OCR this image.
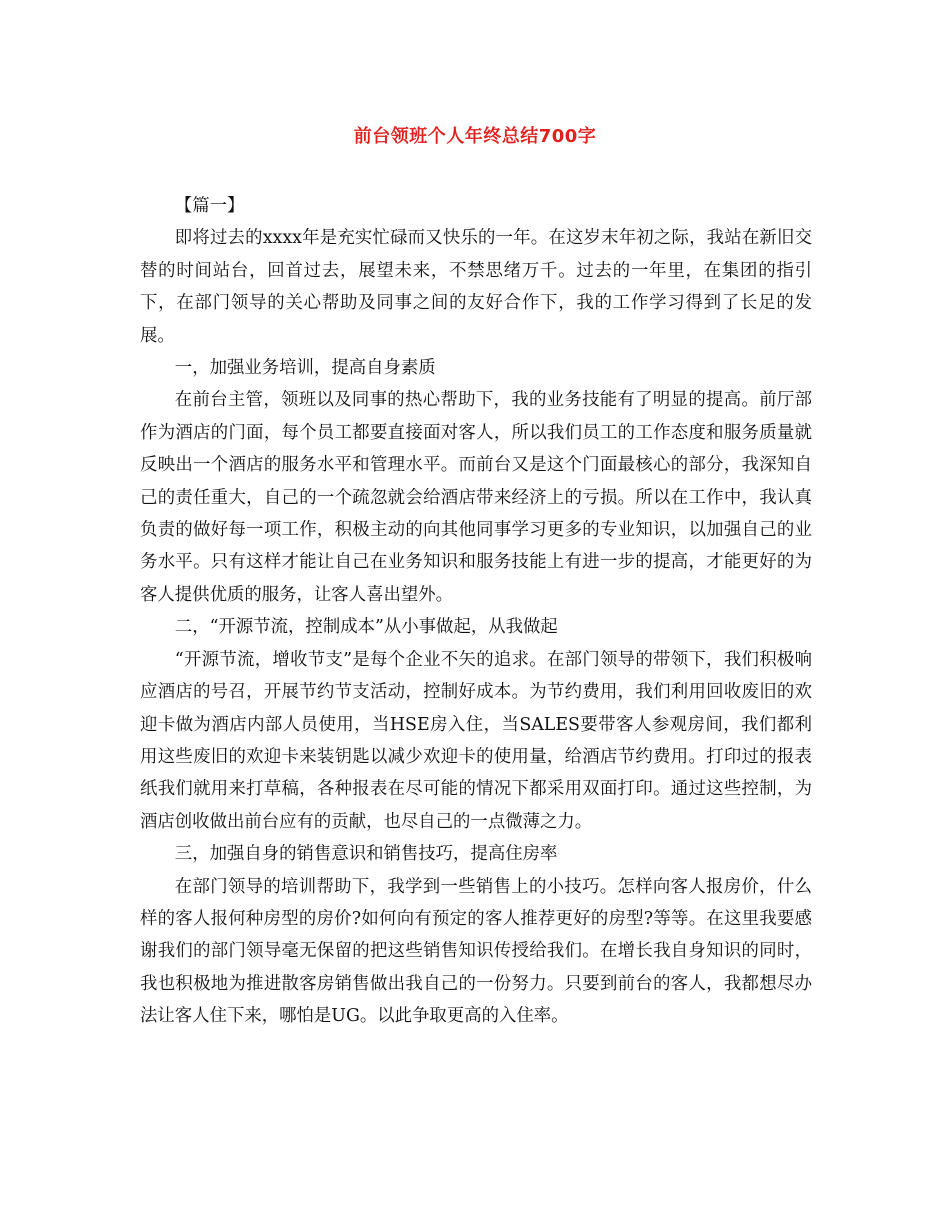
前台领班个人年终总结700字

【篇一】

即将过去的xxxx年是充实忙碌而又快乐的一年。在这岁末年初之际，我站在新旧交替的时间站台，回首过去，展望未来，不禁思绪万千。过去的一年里，在集团的指引下，在部门领导的关心帮助及同事之间的友好合作下，我的工作学习得到了长足的发展。

一，加强业务培训，提高自身素质

在前台主管，领班以及同事的热心帮助下，我的业务技能有了明显的提高。前厅部作为酒店的门面，每个员工都要直接面对客人，所以我们员工的工作态度和服务质量就反映出一个酒店的服务水平和管理水平。而前台又是这个门面最核心的部分，我深知自己的责任重大，自己的一个疏忽就会给酒店带来经济上的亏损。所以在工作中，我认真负责的做好每一项工作，积极主动的向其他同事学习更多的专业知识，以加强自己的业务水平。只有这样才能让自己在业务知识和服务技能上有进一步的提高，才能更好的为客人提供优质的服务，让客人喜出望外。

二，“开源节流，控制成本”从小事做起，从我做起

“开源节流，增收节支”是每个企业不矢的追求。在部门领导的带领下，我们积极响应酒店的号召，开展节约节支活动，控制好成本。为节约费用，我们利用回收废旧的欢迎卡做为酒店内部人员使用，当HSE房入住，当SALES要带客人参观房间，我们都利用这些废旧的欢迎卡来装钥匙以减少欢迎卡的使用量，给酒店节约费用。打印过的报表纸我们就用来打草稿，各种报表在尽可能的情况下都采用双面打印。通过这些控制，为酒店创收做出前台应有的贡献，也尽自己的一点微薄之力。

三，加强自身的销售意识和销售技巧，提高住房率

在部门领导的培训帮助下，我学到一些销售上的小技巧。怎样向客人报房价，什么样的客人报何种房型的房价?如何向有预定的客人推荐更好的房型?等等。在这里我要感谢我们的部门领导毫无保留的把这些销售知识传授给我们。在增长我自身知识的同时，我也积极地为推进散客房销售做出我自己的一份努力。只要到前台的客人，我都想尽办法让客人住下来，哪怕是UG。以此争取更高的入住率。
